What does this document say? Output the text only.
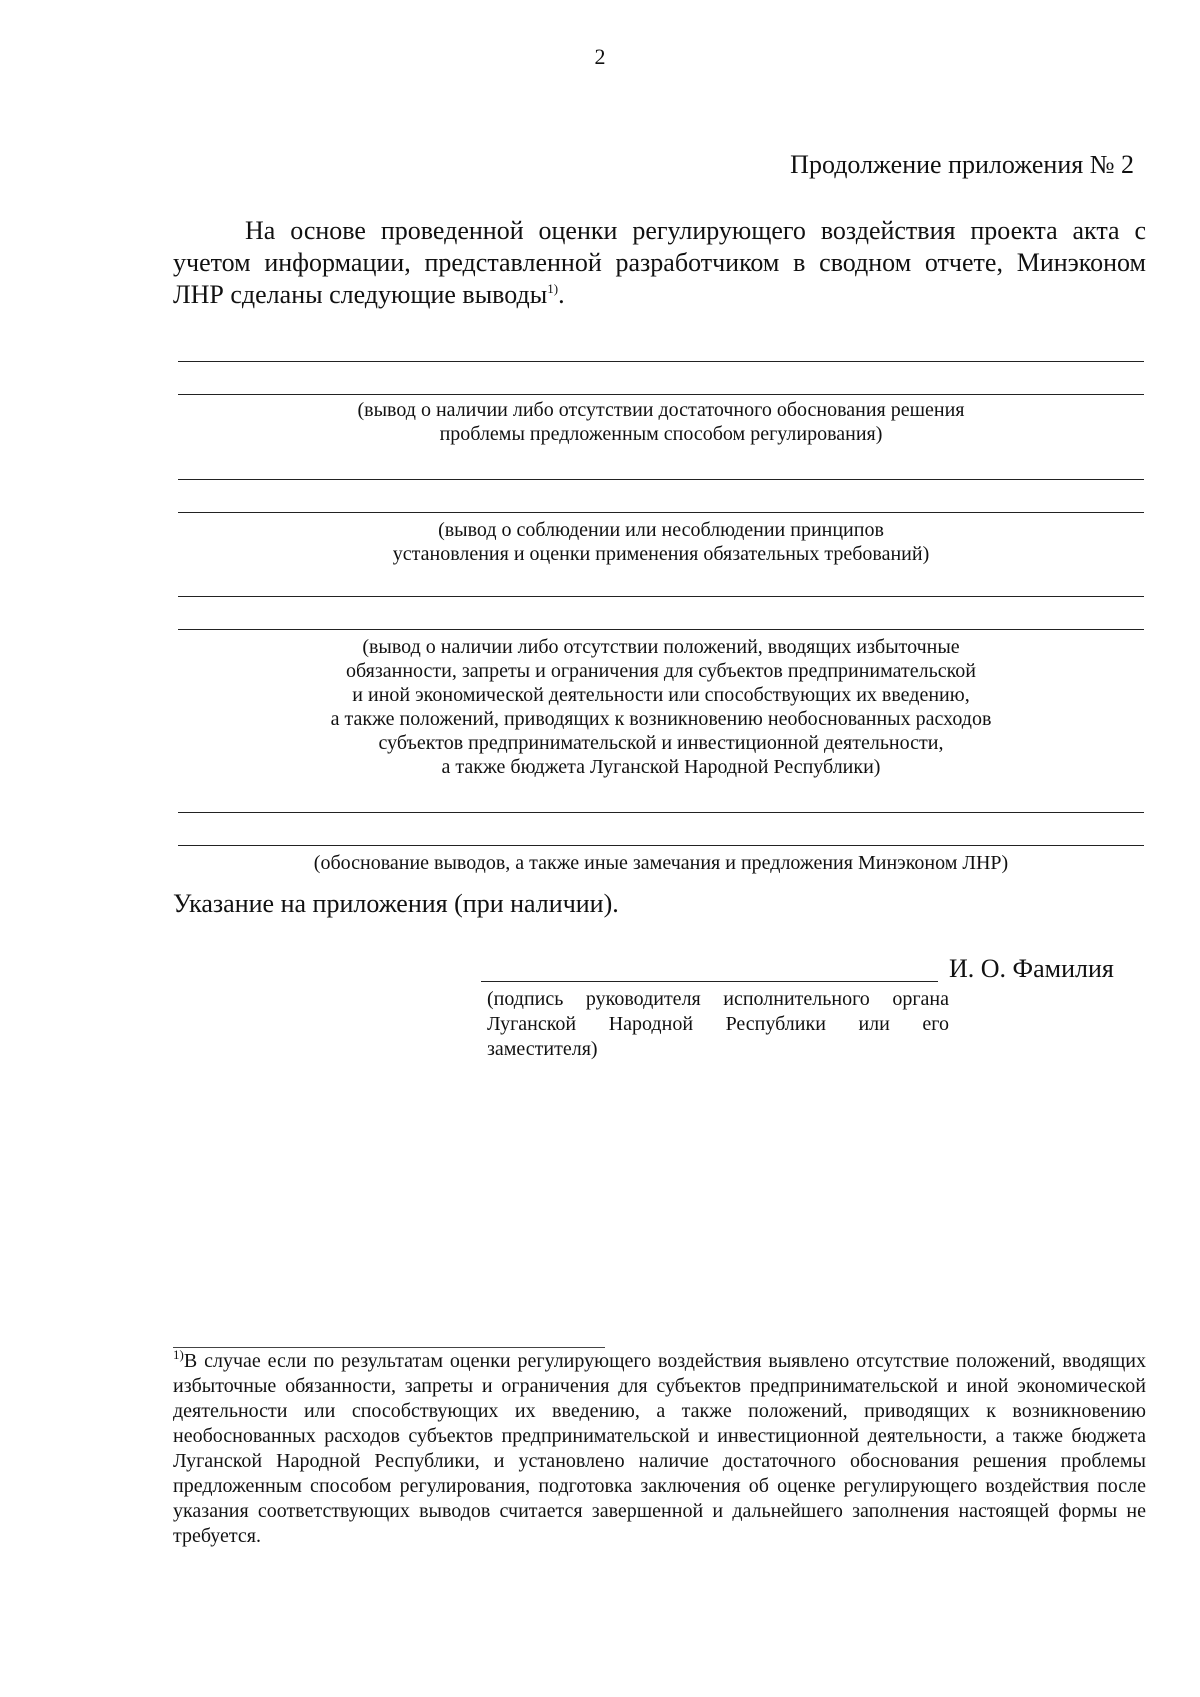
2
Продолжение приложения № 2

На основе проведенной оценки регулирующего воздействия проекта акта с учетом информации, представленной разработчиком в сводном отчете, Минэконом ЛНР сделаны следующие выводы$^{1)}$.

(вывод о наличии либо отсутствии достаточного обоснования решения
проблемы предложенным способом регулирования)
(вывод о соблюдении или несоблюдении принципов
установления и оценки применения обязательных требований)
(вывод о наличии либо отсутствии положений, вводящих избыточные
обязанности, запреты и ограничения для субъектов предпринимательской
и иной экономической деятельности или способствующих их введению,
а также положений, приводящих к возникновению необоснованных расходов
субъектов предпринимательской и инвестиционной деятельности,
а также бюджета Луганской Народной Республики)
(обоснование выводов, а также иные замечания и предложения Минэконом ЛНР)
Указание на приложения (при наличии).
И. О. Фамилия

(подпись руководителя исполнительного органа Луганской Народной Республики или его заместителя)

$^{1)}$В случае если по результатам оценки регулирующего воздействия выявлено отсутствие положений, вводящих избыточные обязанности, запреты и ограничения для субъектов предпринимательской и иной экономической деятельности или способствующих их введению, а также положений, приводящих к возникновению необоснованных расходов субъектов предпринимательской и инвестиционной деятельности, а также бюджета Луганской Народной Республики, и установлено наличие достаточного обоснования решения проблемы предложенным способом регулирования, подготовка заключения об оценке регулирующего воздействия после указания соответствующих выводов считается завершенной и дальнейшего заполнения настоящей формы не требуется.
